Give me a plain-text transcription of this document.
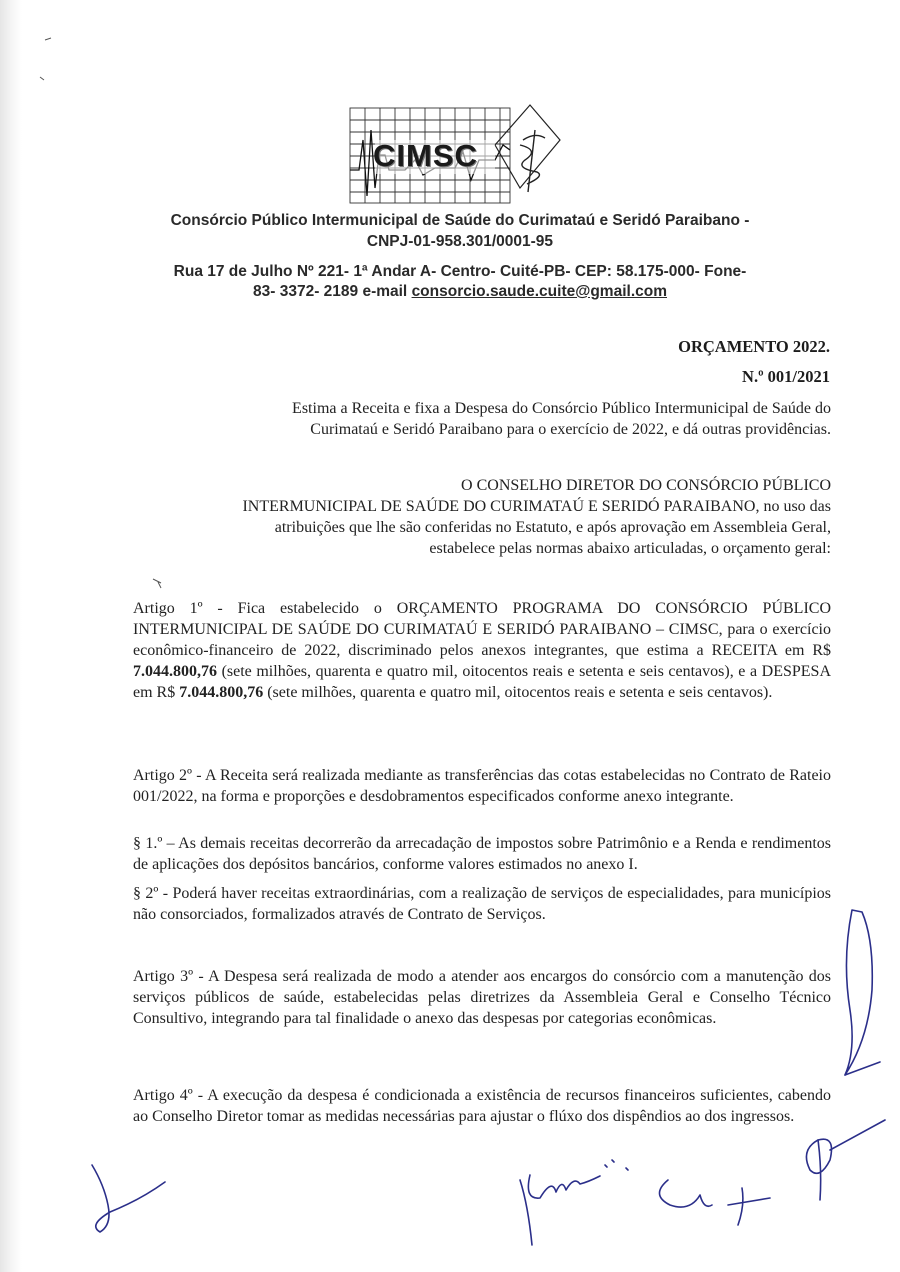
CIMSC
Consórcio Público Intermunicipal de Saúde do Curimataú e Seridó Paraibano -
CNPJ-01-958.301/0001-95
Rua 17 de Julho Nº 221- 1ª Andar A- Centro- Cuité-PB- CEP: 58.175-000- Fone-
83- 3372- 2189 e-mail consorcio.saude.cuite@gmail.com
ORÇAMENTO 2022.
N.º 001/2021
Estima a Receita e fixa a Despesa do Consórcio Público Intermunicipal de Saúde do
Curimataú e Seridó Paraibano para o exercício de 2022, e dá outras providências.
O CONSELHO DIRETOR DO CONSÓRCIO PÚBLICO
INTERMUNICIPAL DE SAÚDE DO CURIMATAÚ E SERIDÓ PARAIBANO, no uso das
atribuições que lhe são conferidas no Estatuto, e após aprovação em Assembleia Geral,
estabelece pelas normas abaixo articuladas, o orçamento geral:
Artigo 1º - Fica estabelecido o ORÇAMENTO PROGRAMA DO CONSÓRCIO PÚBLICO INTERMUNICIPAL DE SAÚDE DO CURIMATAÚ E SERIDÓ PARAIBANO – CIMSC, para o exercício econômico-financeiro de 2022, discriminado pelos anexos integrantes, que estima a RECEITA em R$ 7.044.800,76 (sete milhões, quarenta e quatro mil, oitocentos reais e setenta e seis centavos), e a DESPESA em R$ 7.044.800,76 (sete milhões, quarenta e quatro mil, oitocentos reais e setenta e seis centavos).
Artigo 2º - A Receita será realizada mediante as transferências das cotas estabelecidas no Contrato de Rateio 001/2022, na forma e proporções e desdobramentos especificados conforme anexo integrante.
§ 1.º – As demais receitas decorrerão da arrecadação de impostos sobre Patrimônio e a Renda e rendimentos de aplicações dos depósitos bancários, conforme valores estimados no anexo I.
§ 2º - Poderá haver receitas extraordinárias, com a realização de serviços de especialidades, para municípios não consorciados, formalizados através de Contrato de Serviços.
Artigo 3º - A Despesa será realizada de modo a atender aos encargos do consórcio com a manutenção dos serviços públicos de saúde, estabelecidas pelas diretrizes da Assembleia Geral e Conselho Técnico Consultivo, integrando para tal finalidade o anexo das despesas por categorias econômicas.
Artigo 4º - A execução da despesa é condicionada a existência de recursos financeiros suficientes, cabendo ao Conselho Diretor tomar as medidas necessárias para ajustar o flúxo dos dispêndios ao dos ingressos.
